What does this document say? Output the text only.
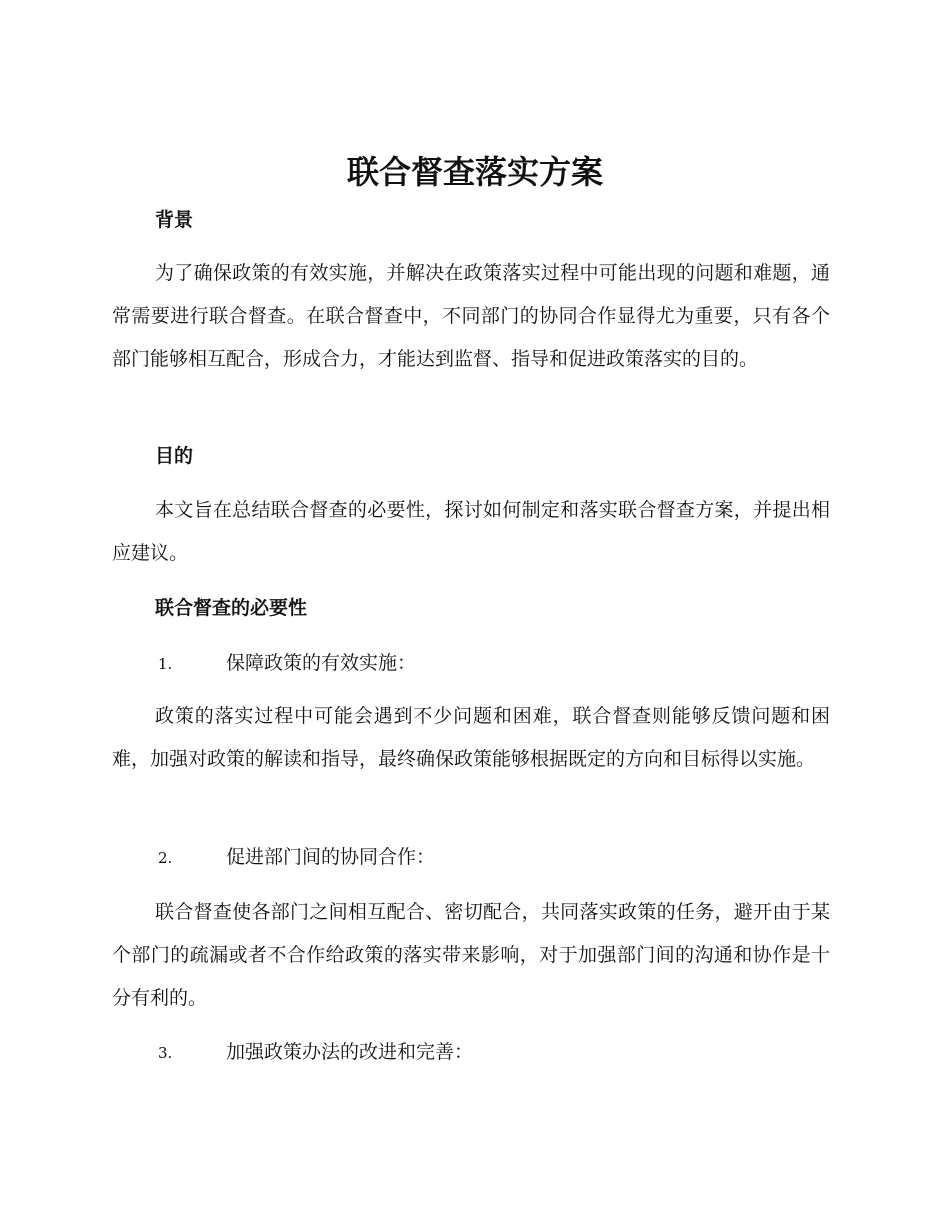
联合督查落实方案
背景

为了确保政策的有效实施，并解决在政策落实过程中可能出现的问题和难题，通常需要进行联合督查。在联合督查中，不同部门的协同合作显得尤为重要，只有各个部门能够相互配合，形成合力，才能达到监督、指导和促进政策落实的目的。

目的

本文旨在总结联合督查的必要性，探讨如何制定和落实联合督查方案，并提出相应建议。

联合督查的必要性
1.	保障政策的有效实施：

政策的落实过程中可能会遇到不少问题和困难，联合督查则能够反馈问题和困难，加强对政策的解读和指导，最终确保政策能够根据既定的方向和目标得以实施。

2.	促进部门间的协同合作：

联合督查使各部门之间相互配合、密切配合，共同落实政策的任务，避开由于某个部门的疏漏或者不合作给政策的落实带来影响，对于加强部门间的沟通和协作是十分有利的。

3.	加强政策办法的改进和完善：
